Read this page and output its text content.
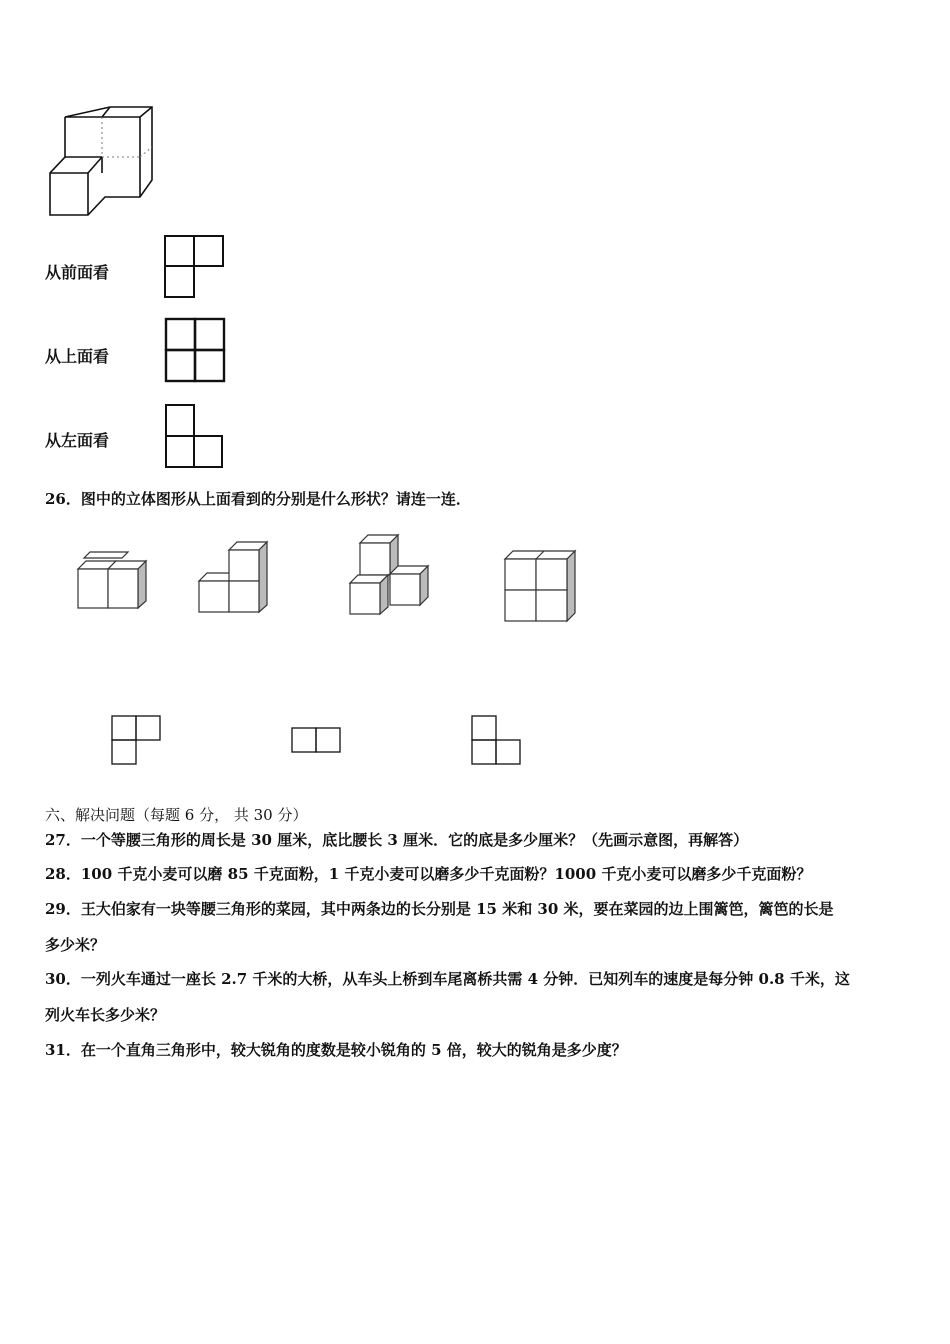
从前面看
从上面看
从左面看
26．图中的立体图形从上面看到的分别是什么形状？请连一连．
六、解决问题（每题 6 分， 共 30 分）
27．一个等腰三角形的周长是 30 厘米，底比腰长 3 厘米．它的底是多少厘米？（先画示意图，再解答）
28．100 千克小麦可以磨 85 千克面粉，1 千克小麦可以磨多少千克面粉？1000 千克小麦可以磨多少千克面粉？
29．王大伯家有一块等腰三角形的菜园，其中两条边的长分别是 15 米和 30 米，要在菜园的边上围篱笆，篱笆的长是
多少米？
30．一列火车通过一座长 2.7 千米的大桥，从车头上桥到车尾离桥共需 4 分钟．已知列车的速度是每分钟 0.8 千米，这
列火车长多少米？
31．在一个直角三角形中，较大锐角的度数是较小锐角的 5 倍，较大的锐角是多少度？
